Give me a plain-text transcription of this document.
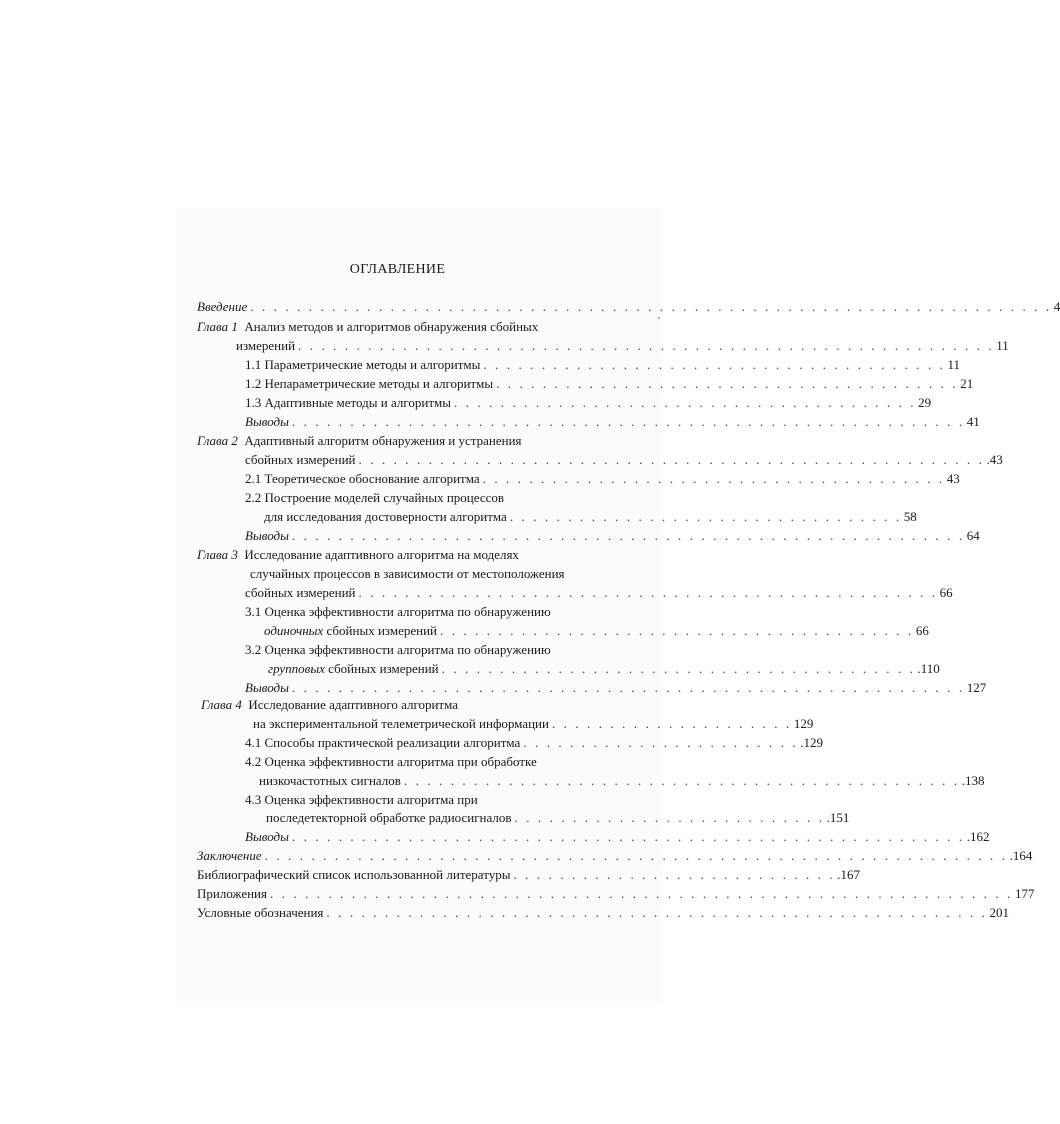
ОГЛАВЛЕНИЕ
Введение . . . . . . . . . . . . . . . . . . . . . . . . . . . . . . . . . . . . . . . . . . . . . . . . . . . . . . . . . . . . . . . . . . . . . 4
Глава 1 Анализ методов и алгоритмов обнаружения сбойных
измерений . . . . . . . . . . . . . . . . . . . . . . . . . . . . . . . . . . . . . . . . . . . . . . . . . . . . . . . . . . . . 11
1.1 Параметрические методы и алгоритмы . . . . . . . . . . . . . . . . . . . . . . . . . . . . . . . . . . . . . . . . 11
1.2 Непараметрические методы и алгоритмы . . . . . . . . . . . . . . . . . . . . . . . . . . . . . . . . . . . . . . . . 21
1.3 Адаптивные методы и алгоритмы . . . . . . . . . . . . . . . . . . . . . . . . . . . . . . . . . . . . . . . . 29
Выводы . . . . . . . . . . . . . . . . . . . . . . . . . . . . . . . . . . . . . . . . . . . . . . . . . . . . . . . . . . 41
Глава 2 Адаптивный алгоритм обнаружения и устранения
сбойных измерений . . . . . . . . . . . . . . . . . . . . . . . . . . . . . . . . . . . . . . . . . . . . . . . . . . . . . . .43
2.1 Теоретическое обоснование алгоритма . . . . . . . . . . . . . . . . . . . . . . . . . . . . . . . . . . . . . . . . 43
2.2 Построение моделей случайных процессов
для исследования достоверности алгоритма . . . . . . . . . . . . . . . . . . . . . . . . . . . . . . . . . . 58
Выводы . . . . . . . . . . . . . . . . . . . . . . . . . . . . . . . . . . . . . . . . . . . . . . . . . . . . . . . . . . 64
Глава 3 Исследование адаптивного алгоритма на моделях
случайных процессов в зависимости от местоположения
сбойных измерений . . . . . . . . . . . . . . . . . . . . . . . . . . . . . . . . . . . . . . . . . . . . . . . . . . 66
3.1 Оценка эффективности алгоритма по обнаружению
одиночных сбойных измерений . . . . . . . . . . . . . . . . . . . . . . . . . . . . . . . . . . . . . . . . . 66
3.2 Оценка эффективности алгоритма по обнаружению
групповых сбойных измерений . . . . . . . . . . . . . . . . . . . . . . . . . . . . . . . . . . . . . . . . . .110
Выводы . . . . . . . . . . . . . . . . . . . . . . . . . . . . . . . . . . . . . . . . . . . . . . . . . . . . . . . . . . 127
Глава 4 Исследование адаптивного алгоритма
на экспериментальной телеметрической информации . . . . . . . . . . . . . . . . . . . . . 129
4.1 Способы практической реализации алгоритма . . . . . . . . . . . . . . . . . . . . . . . . .129
4.2 Оценка эффективности алгоритма при обработке
низкочастотных сигналов . . . . . . . . . . . . . . . . . . . . . . . . . . . . . . . . . . . . . . . . . . . . . . . . .138
4.3 Оценка эффективности алгоритма при
последетекторной обработке радиосигналов . . . . . . . . . . . . . . . . . . . . . . . . . . . .151
Выводы . . . . . . . . . . . . . . . . . . . . . . . . . . . . . . . . . . . . . . . . . . . . . . . . . . . . . . . . . . .162
Заключение . . . . . . . . . . . . . . . . . . . . . . . . . . . . . . . . . . . . . . . . . . . . . . . . . . . . . . . . . . . . . . . . .164
Библиографический список использованной литературы . . . . . . . . . . . . . . . . . . . . . . . . . . . . .167
Приложения . . . . . . . . . . . . . . . . . . . . . . . . . . . . . . . . . . . . . . . . . . . . . . . . . . . . . . . . . . . . . . . . 177
Условные обозначения . . . . . . . . . . . . . . . . . . . . . . . . . . . . . . . . . . . . . . . . . . . . . . . . . . . . . . . . . 201
